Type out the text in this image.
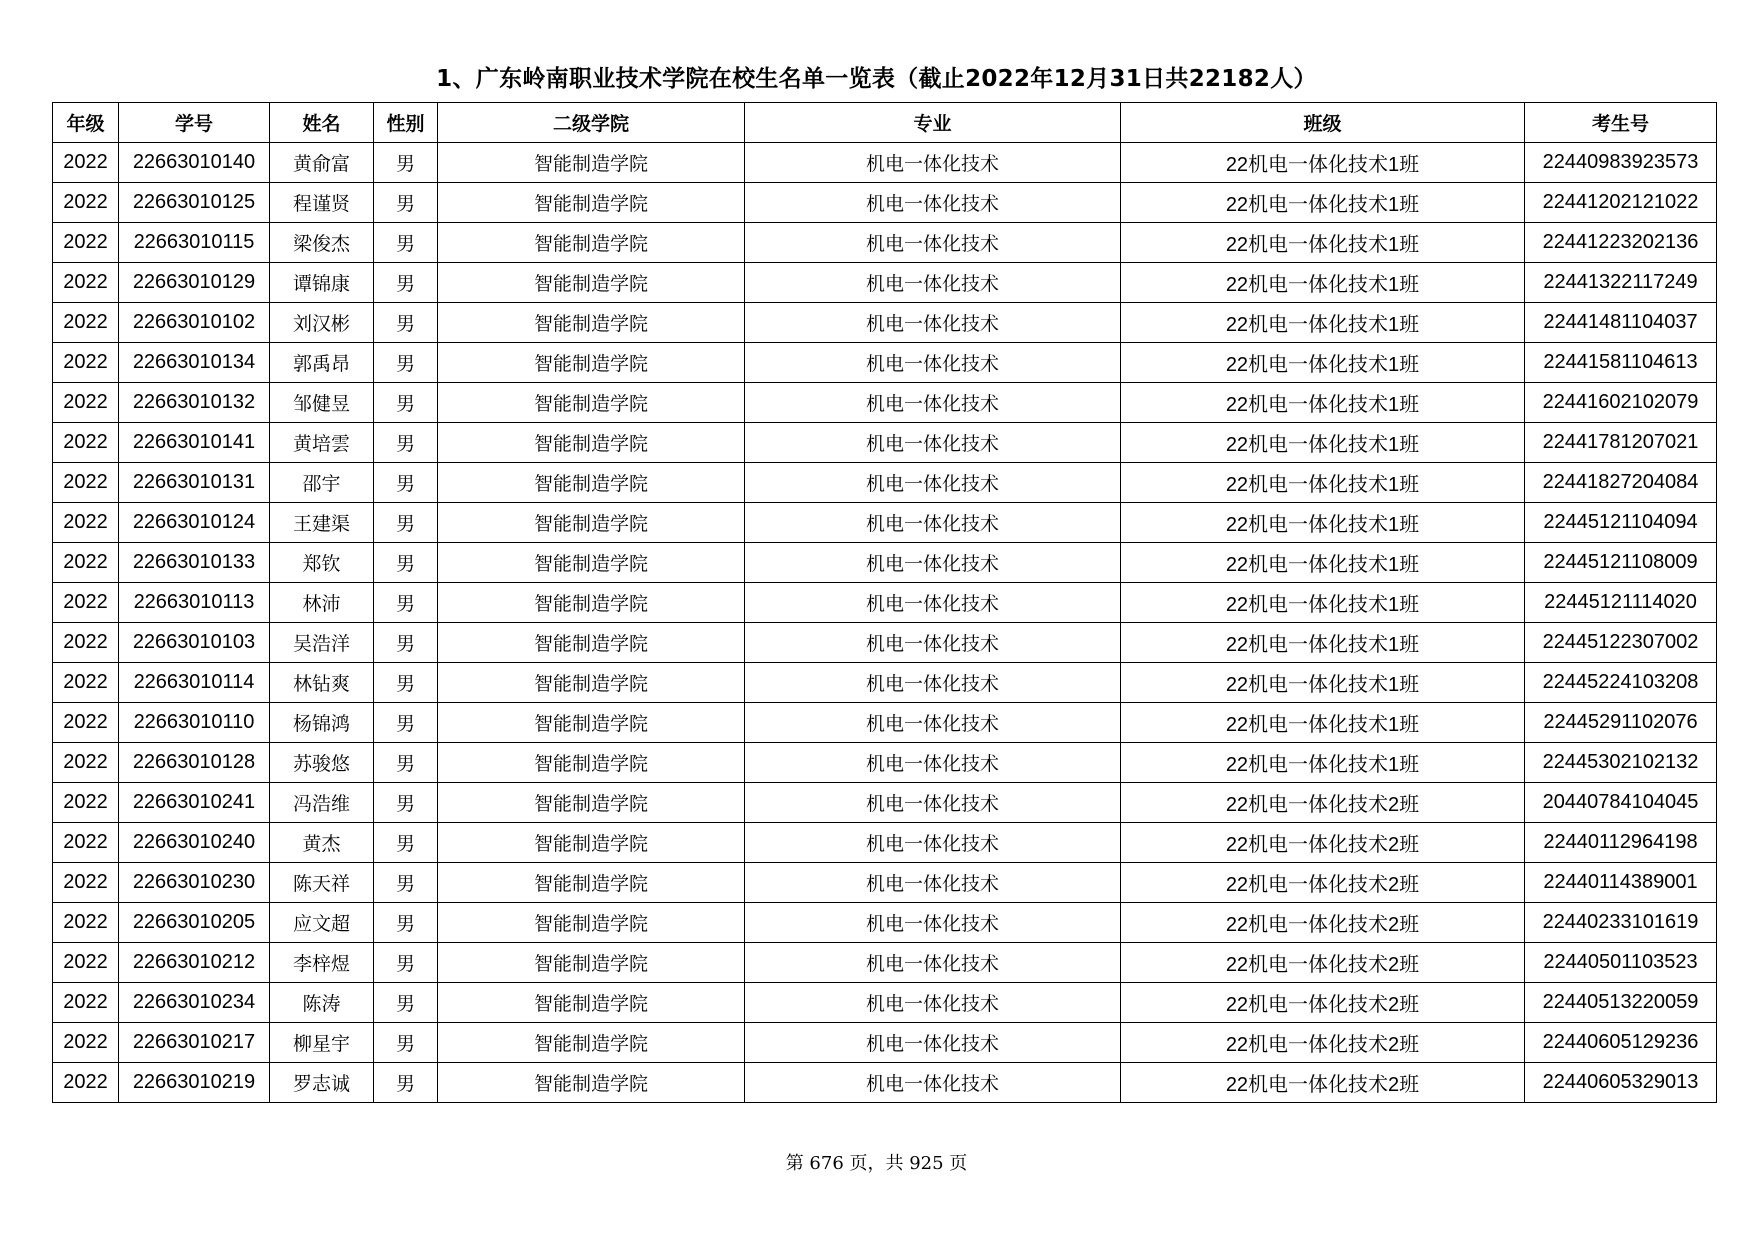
1、广东岭南职业技术学院在校生名单一览表（截止2022年12月31日共22182人）
年级	学号	姓名	性别	二级学院	专业	班级	考生号
2022	22663010140	黄俞富	男	智能制造学院	机电一体化技术	22机电一体化技术1班	22440983923573
2022	22663010125	程谨贤	男	智能制造学院	机电一体化技术	22机电一体化技术1班	22441202121022
2022	22663010115	梁俊杰	男	智能制造学院	机电一体化技术	22机电一体化技术1班	22441223202136
2022	22663010129	谭锦康	男	智能制造学院	机电一体化技术	22机电一体化技术1班	22441322117249
2022	22663010102	刘汉彬	男	智能制造学院	机电一体化技术	22机电一体化技术1班	22441481104037
2022	22663010134	郭禹昂	男	智能制造学院	机电一体化技术	22机电一体化技术1班	22441581104613
2022	22663010132	邹健昱	男	智能制造学院	机电一体化技术	22机电一体化技术1班	22441602102079
2022	22663010141	黄培雲	男	智能制造学院	机电一体化技术	22机电一体化技术1班	22441781207021
2022	22663010131	邵宇	男	智能制造学院	机电一体化技术	22机电一体化技术1班	22441827204084
2022	22663010124	王建渠	男	智能制造学院	机电一体化技术	22机电一体化技术1班	22445121104094
2022	22663010133	郑钦	男	智能制造学院	机电一体化技术	22机电一体化技术1班	22445121108009
2022	22663010113	林沛	男	智能制造学院	机电一体化技术	22机电一体化技术1班	22445121114020
2022	22663010103	吴浩洋	男	智能制造学院	机电一体化技术	22机电一体化技术1班	22445122307002
2022	22663010114	林钻爽	男	智能制造学院	机电一体化技术	22机电一体化技术1班	22445224103208
2022	22663010110	杨锦鸿	男	智能制造学院	机电一体化技术	22机电一体化技术1班	22445291102076
2022	22663010128	苏骏悠	男	智能制造学院	机电一体化技术	22机电一体化技术1班	22445302102132
2022	22663010241	冯浩维	男	智能制造学院	机电一体化技术	22机电一体化技术2班	20440784104045
2022	22663010240	黄杰	男	智能制造学院	机电一体化技术	22机电一体化技术2班	22440112964198
2022	22663010230	陈天祥	男	智能制造学院	机电一体化技术	22机电一体化技术2班	22440114389001
2022	22663010205	应文超	男	智能制造学院	机电一体化技术	22机电一体化技术2班	22440233101619
2022	22663010212	李梓煜	男	智能制造学院	机电一体化技术	22机电一体化技术2班	22440501103523
2022	22663010234	陈涛	男	智能制造学院	机电一体化技术	22机电一体化技术2班	22440513220059
2022	22663010217	柳星宇	男	智能制造学院	机电一体化技术	22机电一体化技术2班	22440605129236
2022	22663010219	罗志诚	男	智能制造学院	机电一体化技术	22机电一体化技术2班	22440605329013
第 676 页，共 925 页
